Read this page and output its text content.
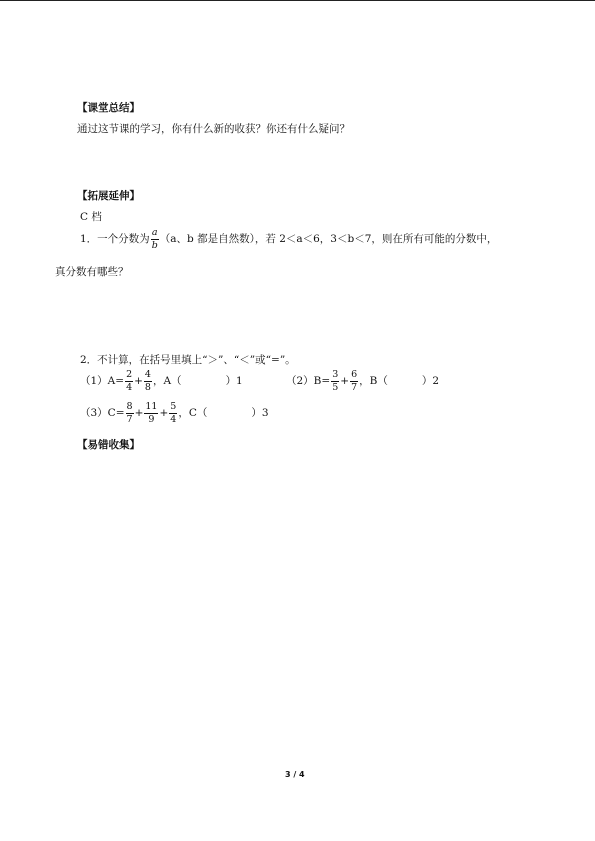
【课堂总结】
通过这节课的学习，你有什么新的收获？你还有什么疑问？
【拓展延伸】
C 档
1．一个分数为 $\frac{a}{b} (a$、b 都是自然数），若 2＜a＜6，3＜b＜7，则在所有可能的分数中，
真分数有哪些？
2．不计算，在括号里填上“＞”、“＜”或“=”。
$(1)A= \frac{2}{4} + \frac{4}{8}$ ，A（	）1	$(2)B= \frac{3}{5} + \frac{6}{7}$ ，B（	）2
$(3)C= \frac{8}{7} + \frac{11}{9} + \frac{5}{4}$ ，C（	）3
【易错收集】
3 / 4
